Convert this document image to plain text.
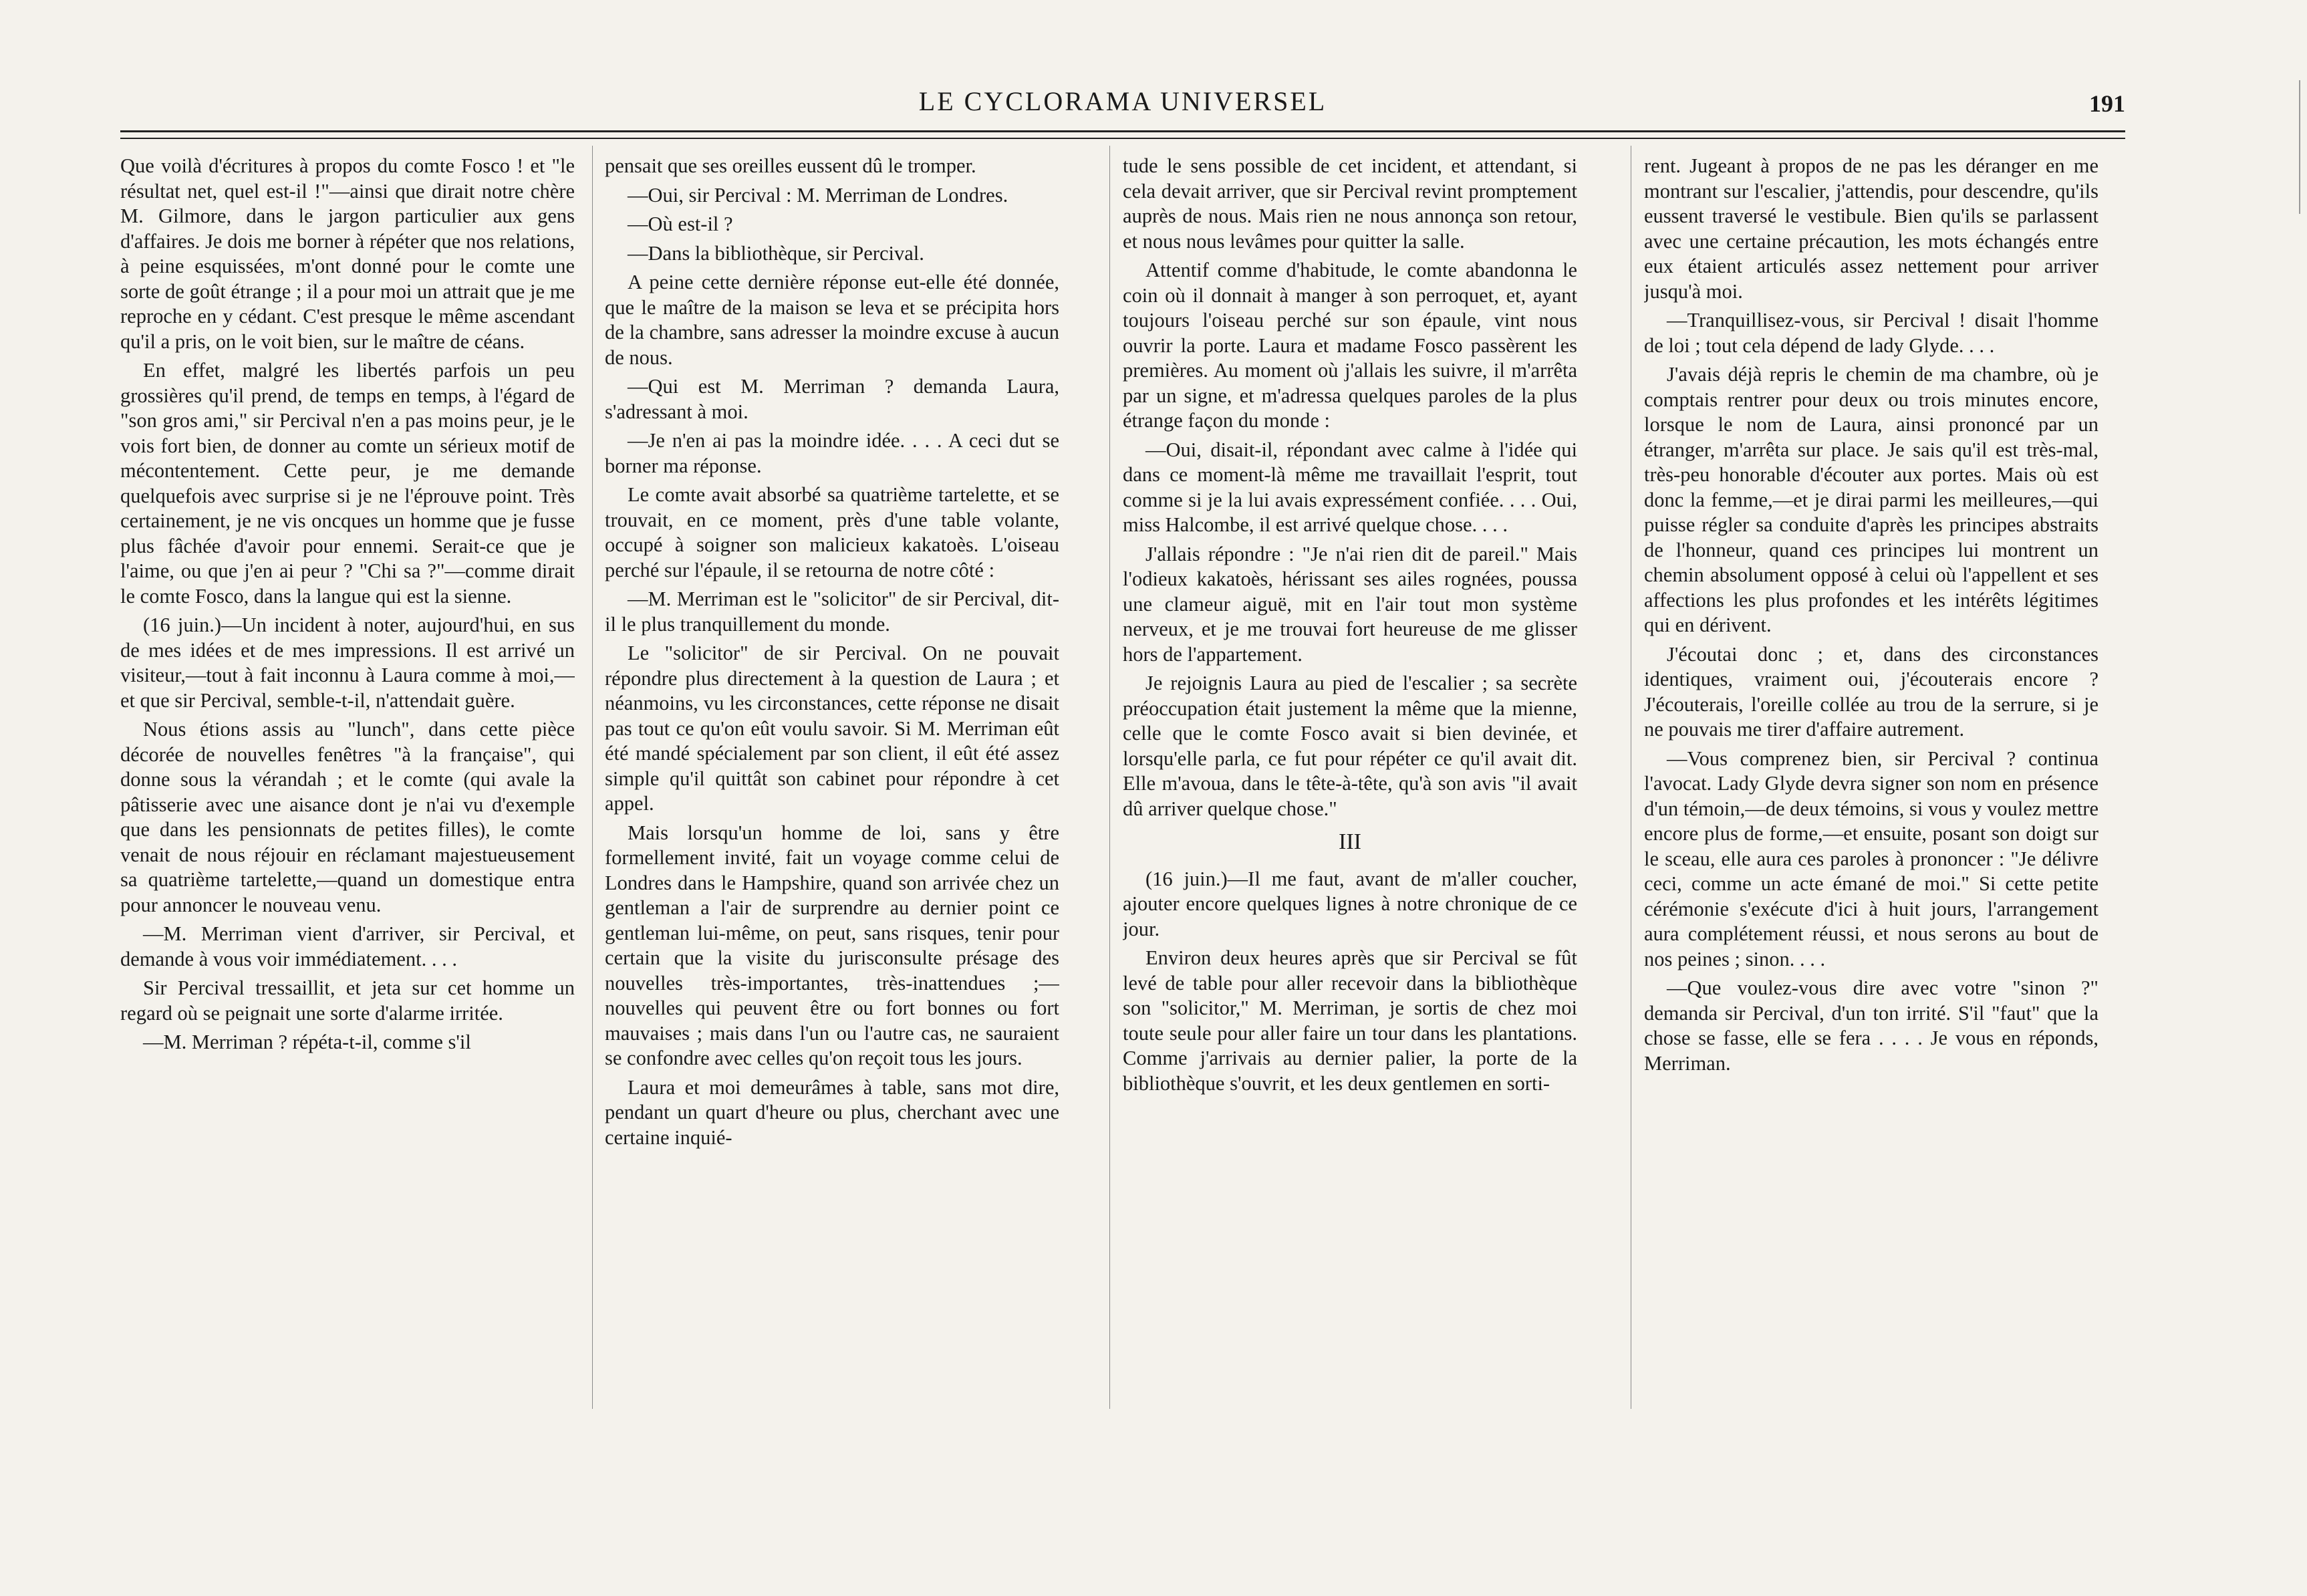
LE CYCLORAMA UNIVERSEL	191

Que voilà d'écritures à propos du comte Fosco ! et "le résultat net, quel est-il !"—ainsi que dirait notre chère M. Gilmore, dans le jargon particulier aux gens d'affaires. Je dois me borner à répéter que nos relations, à peine esquissées, m'ont donné pour le comte une sorte de goût étrange ; il a pour moi un attrait que je me reproche en y cédant. C'est presque le même ascendant qu'il a pris, on le voit bien, sur le maître de céans.

En effet, malgré les libertés parfois un peu grossières qu'il prend, de temps en temps, à l'égard de "son gros ami," sir Percival n'en a pas moins peur, je le vois fort bien, de donner au comte un sérieux motif de mécontentement. Cette peur, je me demande quelquefois avec surprise si je ne l'éprouve point. Très certainement, je ne vis oncques un homme que je fusse plus fâchée d'avoir pour ennemi. Serait-ce que je l'aime, ou que j'en ai peur ? "Chi sa ?"—comme dirait le comte Fosco, dans la langue qui est la sienne.

(16 juin.)—Un incident à noter, aujourd'hui, en sus de mes idées et de mes impressions. Il est arrivé un visiteur,—tout à fait inconnu à Laura comme à moi,—et que sir Percival, semble-t-il, n'attendait guère.

Nous étions assis au "lunch", dans cette pièce décorée de nouvelles fenêtres "à la française", qui donne sous la vérandah ; et le comte (qui avale la pâtisserie avec une aisance dont je n'ai vu d'exemple que dans les pensionnats de petites filles), le comte venait de nous réjouir en réclamant majestueusement sa quatrième tartelette,—quand un domestique entra pour annoncer le nouveau venu.

—M. Merriman vient d'arriver, sir Percival, et demande à vous voir immédiatement. . . .

Sir Percival tressaillit, et jeta sur cet homme un regard où se peignait une sorte d'alarme irritée.

—M. Merriman ? répéta-t-il, comme s'il

pensait que ses oreilles eussent dû le tromper.

—Oui, sir Percival : M. Merriman de Londres.

—Où est-il ?

—Dans la bibliothèque, sir Percival.

A peine cette dernière réponse eut-elle été donnée, que le maître de la maison se leva et se précipita hors de la chambre, sans adresser la moindre excuse à aucun de nous.

—Qui est M. Merriman ? demanda Laura, s'adressant à moi.

—Je n'en ai pas la moindre idée. . . . A ceci dut se borner ma réponse.

Le comte avait absorbé sa quatrième tartelette, et se trouvait, en ce moment, près d'une table volante, occupé à soigner son malicieux kakatoès. L'oiseau perché sur l'épaule, il se retourna de notre côté :

—M. Merriman est le "solicitor" de sir Percival, dit-il le plus tranquillement du monde.

Le "solicitor" de sir Percival. On ne pouvait répondre plus directement à la question de Laura ; et néanmoins, vu les circonstances, cette réponse ne disait pas tout ce qu'on eût voulu savoir. Si M. Merriman eût été mandé spécialement par son client, il eût été assez simple qu'il quittât son cabinet pour répondre à cet appel.

Mais lorsqu'un homme de loi, sans y être formellement invité, fait un voyage comme celui de Londres dans le Hampshire, quand son arrivée chez un gentleman a l'air de surprendre au dernier point ce gentleman lui-même, on peut, sans risques, tenir pour certain que la visite du jurisconsulte présage des nouvelles très-importantes, très-inattendues ;—nouvelles qui peuvent être ou fort bonnes ou fort mauvaises ; mais dans l'un ou l'autre cas, ne sauraient se confondre avec celles qu'on reçoit tous les jours.

Laura et moi demeurâmes à table, sans mot dire, pendant un quart d'heure ou plus, cherchant avec une certaine inquié-

tude le sens possible de cet incident, et attendant, si cela devait arriver, que sir Percival revint promptement auprès de nous. Mais rien ne nous annonça son retour, et nous nous levâmes pour quitter la salle.

Attentif comme d'habitude, le comte abandonna le coin où il donnait à manger à son perroquet, et, ayant toujours l'oiseau perché sur son épaule, vint nous ouvrir la porte. Laura et madame Fosco passèrent les premières. Au moment où j'allais les suivre, il m'arrêta par un signe, et m'adressa quelques paroles de la plus étrange façon du monde :

—Oui, disait-il, répondant avec calme à l'idée qui dans ce moment-là même me travaillait l'esprit, tout comme si je la lui avais expressément confiée. . . . Oui, miss Halcombe, il est arrivé quelque chose. . . .

J'allais répondre : "Je n'ai rien dit de pareil." Mais l'odieux kakatoès, hérissant ses ailes rognées, poussa une clameur aiguë, mit en l'air tout mon système nerveux, et je me trouvai fort heureuse de me glisser hors de l'appartement.

Je rejoignis Laura au pied de l'escalier ; sa secrète préoccupation était justement la même que la mienne, celle que le comte Fosco avait si bien devinée, et lorsqu'elle parla, ce fut pour répéter ce qu'il avait dit. Elle m'avoua, dans le tête-à-tête, qu'à son avis "il avait dû arriver quelque chose."

III

(16 juin.)—Il me faut, avant de m'aller coucher, ajouter encore quelques lignes à notre chronique de ce jour.

Environ deux heures après que sir Percival se fût levé de table pour aller recevoir dans la bibliothèque son "solicitor," M. Merriman, je sortis de chez moi toute seule pour aller faire un tour dans les plantations. Comme j'arrivais au dernier palier, la porte de la bibliothèque s'ouvrit, et les deux gentlemen en sorti-

rent. Jugeant à propos de ne pas les déranger en me montrant sur l'escalier, j'attendis, pour descendre, qu'ils eussent traversé le vestibule. Bien qu'ils se parlassent avec une certaine précaution, les mots échangés entre eux étaient articulés assez nettement pour arriver jusqu'à moi.

—Tranquillisez-vous, sir Percival ! disait l'homme de loi ; tout cela dépend de lady Glyde. . . .

J'avais déjà repris le chemin de ma chambre, où je comptais rentrer pour deux ou trois minutes encore, lorsque le nom de Laura, ainsi prononcé par un étranger, m'arrêta sur place. Je sais qu'il est très-mal, très-peu honorable d'écouter aux portes. Mais où est donc la femme,—et je dirai parmi les meilleures,—qui puisse régler sa conduite d'après les principes abstraits de l'honneur, quand ces principes lui montrent un chemin absolument opposé à celui où l'appellent et ses affections les plus profondes et les intérêts légitimes qui en dérivent.

J'écoutai donc ; et, dans des circonstances identiques, vraiment oui, j'écouterais encore ? J'écouterais, l'oreille collée au trou de la serrure, si je ne pouvais me tirer d'affaire autrement.

—Vous comprenez bien, sir Percival ? continua l'avocat. Lady Glyde devra signer son nom en présence d'un témoin,—de deux témoins, si vous y voulez mettre encore plus de forme,—et ensuite, posant son doigt sur le sceau, elle aura ces paroles à prononcer : "Je délivre ceci, comme un acte émané de moi." Si cette petite cérémonie s'exécute d'ici à huit jours, l'arrangement aura complétement réussi, et nous serons au bout de nos peines ; sinon. . . .

—Que voulez-vous dire avec votre "sinon ?" demanda sir Percival, d'un ton irrité. S'il "faut" que la chose se fasse, elle se fera . . . . Je vous en réponds, Merriman.
